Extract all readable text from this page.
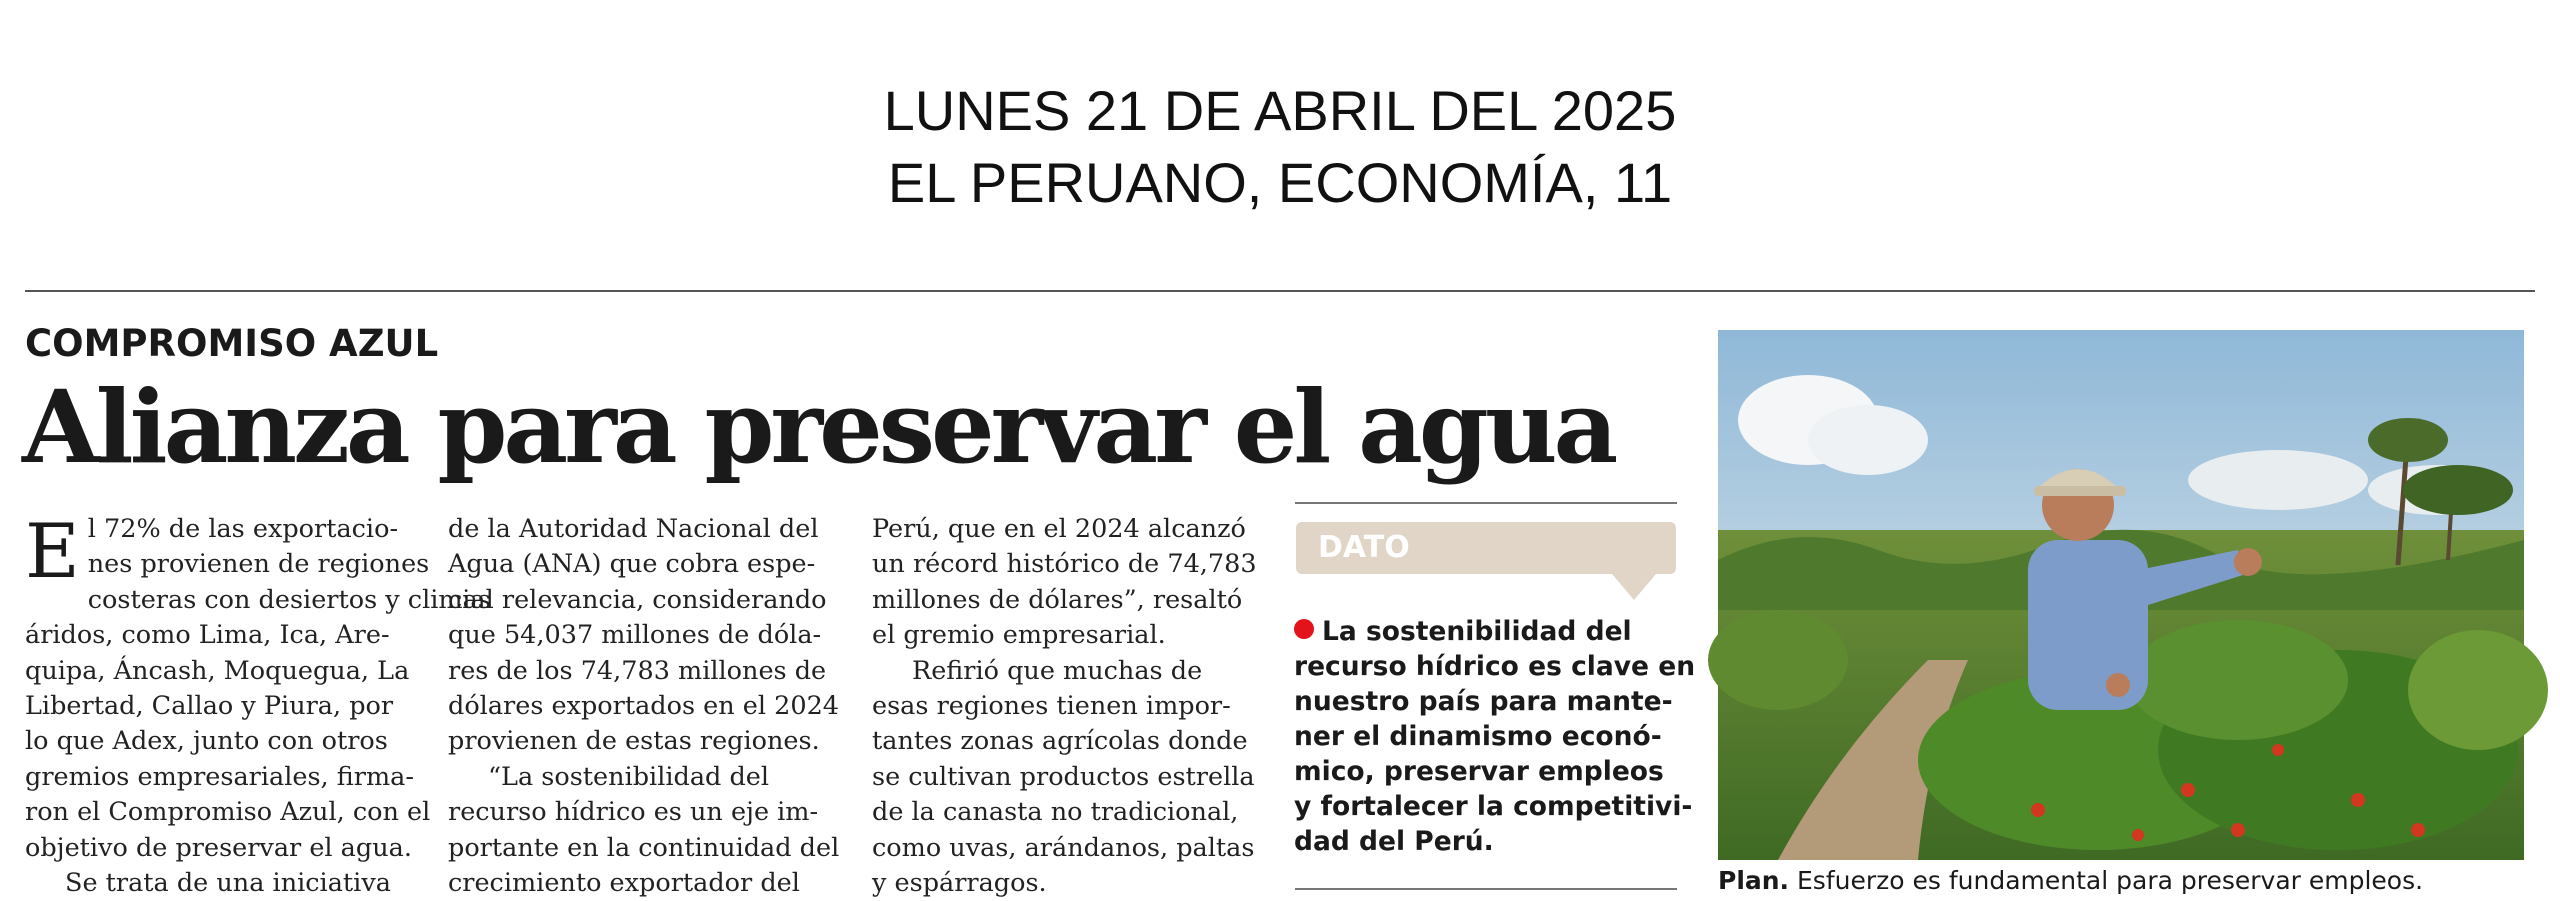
LUNES 21 DE ABRIL DEL 2025
EL PERUANO, ECONOMÍA, 11
COMPROMISO AZUL
Alianza para preservar el agua
E l 72% de las exportacio-
nes provienen de regiones
costeras con desiertos y climas
áridos, como Lima, Ica, Are-
quipa, Áncash, Moquegua, La
Libertad, Callao y Piura, por
lo que Adex, junto con otros
gremios empresariales, firma-
ron el Compromiso Azul, con el
objetivo de preservar el agua.
Se trata de una iniciativa
de la Autoridad Nacional del
Agua (ANA) que cobra espe-
cial relevancia, considerando
que 54,037 millones de dóla-
res de los 74,783 millones de
dólares exportados en el 2024
provienen de estas regiones.
“La sostenibilidad del
recurso hídrico es un eje im-
portante en la continuidad del
crecimiento exportador del
Perú, que en el 2024 alcanzó
un récord histórico de 74,783
millones de dólares”, resaltó
el gremio empresarial.
Refirió que muchas de
esas regiones tienen impor-
tantes zonas agrícolas donde
se cultivan productos estrella
de la canasta no tradicional,
como uvas, arándanos, paltas
y espárragos.
DATO
La sostenibilidad del
recurso hídrico es clave en
nuestro país para mante-
ner el dinamismo econó-
mico, preservar empleos
y fortalecer la competitivi-
dad del Perú.
Plan. Esfuerzo es fundamental para preservar empleos.
